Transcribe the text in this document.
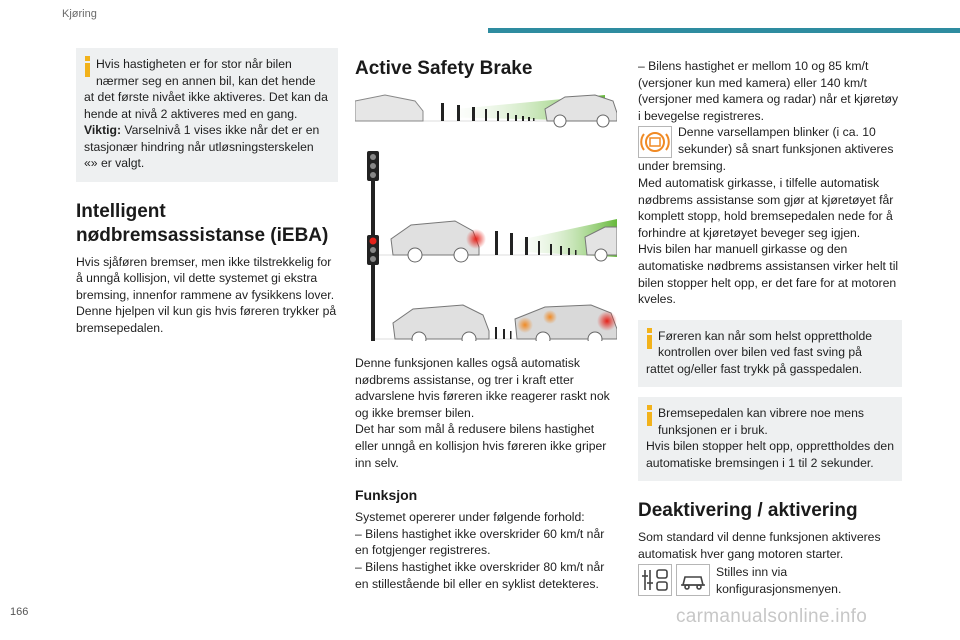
Kjøring
Hvis hastigheten er for stor når bilen
nærmer seg en annen bil, kan det hende
at det første nivået ikke aktiveres. Det kan da hende at nivå 2 aktiveres med en gang.
Viktig: Varselnivå 1 vises ikke når det er en stasjonær hindring når utløsningsterskelen «» er valgt.
Intelligent nødbremsassistanse (iEBA)

Hvis sjåføren bremser, men ikke tilstrekkelig for å unngå kollisjon, vil dette systemet gi ekstra bremsing, innenfor rammene av fysikkens lover. Denne hjelpen vil kun gis hvis føreren trykker på bremsepedalen.

Active Safety Brake

Denne funksjonen kalles også automatisk nødbrems assistanse, og trer i kraft etter advarslene hvis føreren ikke reagerer raskt nok og ikke bremser bilen.

Det har som mål å redusere bilens hastighet eller unngå en kollisjon hvis føreren ikke griper inn selv.

Funksjon

Systemet opererer under følgende forhold:

– Bilens hastighet ikke overskrider 60 km/t når en fotgjenger registreres.

– Bilens hastighet ikke overskrider 80 km/t når en stillestående bil eller en syklist detekteres.

– Bilens hastighet er mellom 10 og 85 km/t (versjoner kun med kamera) eller 140 km/t (versjoner med kamera og radar) når et kjøretøy i bevegelse registreres.

Denne varsellampen blinker (i ca. 10

sekunder) så snart funksjonen aktiveres

under bremsing.

Med automatisk girkasse, i tilfelle automatisk nødbrems assistanse som gjør at kjøretøyet får komplett stopp, hold bremsepedalen nede for å forhindre at kjøretøyet beveger seg igjen.

Hvis bilen har manuell girkasse og den automatiske nødbrems assistansen virker helt til bilen stopper helt opp, er det fare for at motoren kveles.

Føreren kan når som helst opprettholde
kontrollen over bilen ved fast sving på
rattet og/eller fast trykk på gasspedalen.
Bremsepedalen kan vibrere noe mens
funksjonen er i bruk.
Hvis bilen stopper helt opp, opprettholdes den automatiske bremsingen i 1 til 2 sekunder.
Deaktivering / aktivering

Som standard vil denne funksjonen aktiveres automatisk hver gang motoren starter.

Stilles inn via

konfigurasjonsmenyen.

166	carmanualsonline.info
